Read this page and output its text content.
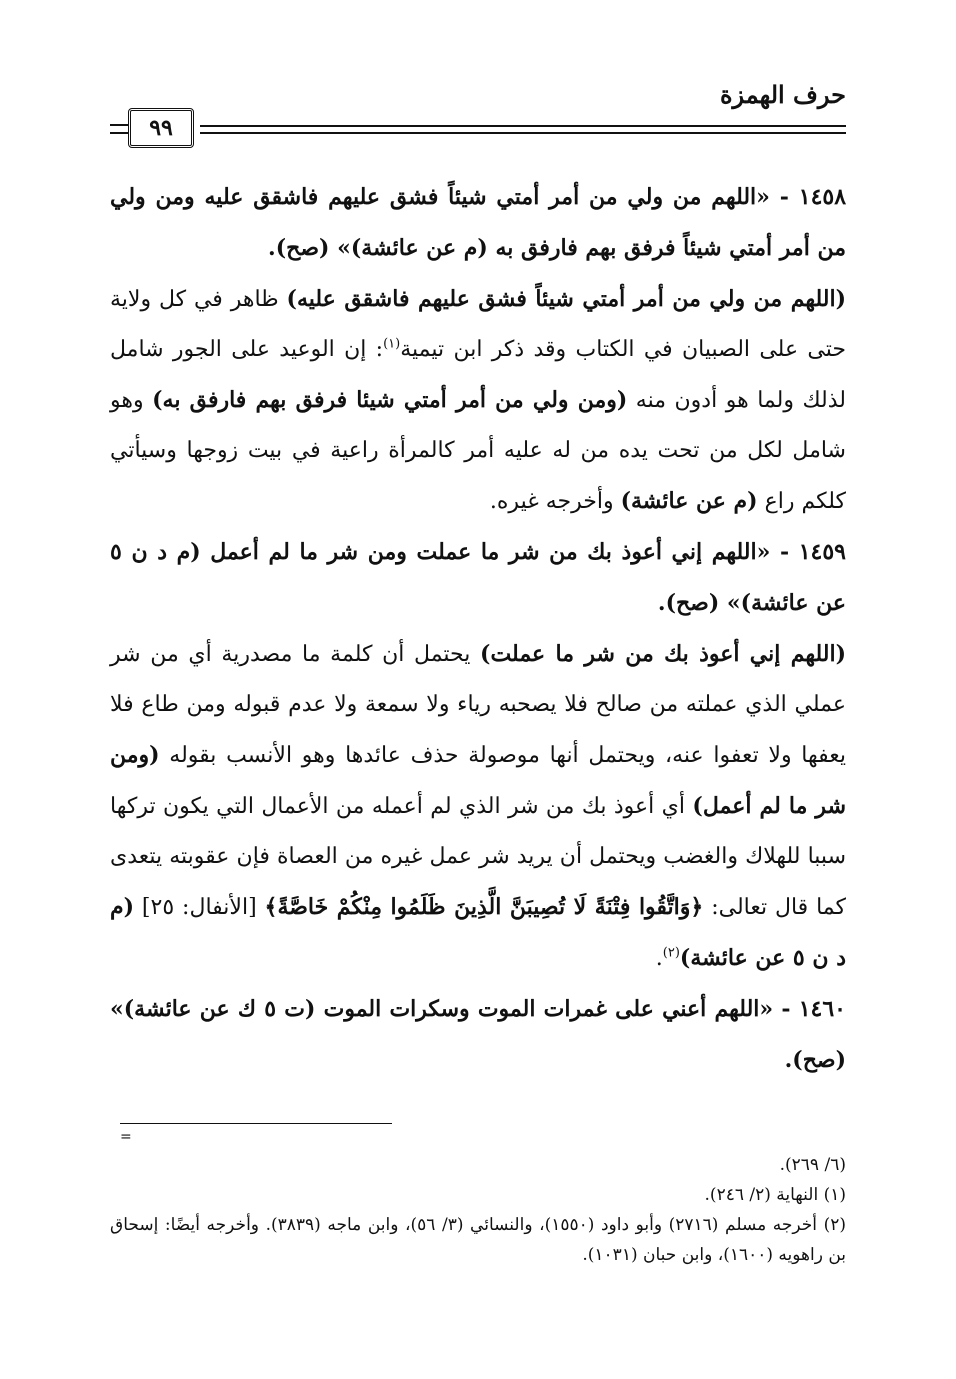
حرف الهمزة
٩٩

١٤٥٨ - «اللهم من ولي من أمر أمتي شيئاً فشق عليهم فاشقق عليه ومن ولي من أمر أمتي شيئاً فرفق بهم فارفق به (م عن عائشة)» (صح).

(اللهم من ولي من أمر أمتي شيئاً فشق عليهم فاشقق عليه) ظاهر في كل ولاية حتى على الصبيان في الكتاب وقد ذكر ابن تيمية$^{(١)}$: إن الوعيد على الجور شامل لذلك ولما هو أدون منه (ومن ولي من أمر أمتي شيئا فرفق بهم فارفق به) وهو شامل لكل من تحت يده من له عليه أمر كالمرأة راعية في بيت زوجها وسيأتي كلكم راع (م عن عائشة) وأخرجه غيره.

١٤٥٩ - «اللهم إني أعوذ بك من شر ما عملت ومن شر ما لم أعمل (م د ن ٥ عن عائشة)» (صح).

(اللهم إني أعوذ بك من شر ما عملت) يحتمل أن كلمة ما مصدرية أي من شر عملي الذي عملته من صالح فلا يصحبه رياء ولا سمعة ولا عدم قبوله ومن طاع فلا يعفها ولا تعفوا عنه، ويحتمل أنها موصولة حذف عائدها وهو الأنسب بقوله (ومن شر ما لم أعمل) أي أعوذ بك من شر الذي لم أعمله من الأعمال التي يكون تركها سببا للهلاك والغضب ويحتمل أن يريد شر عمل غيره من العصاة فإن عقوبته يتعدى كما قال تعالى: ﴿وَاتَّقُوا فِتْنَةً لَا تُصِيبَنَّ الَّذِينَ ظَلَمُوا مِنْكُمْ خَاصَّةً﴾ [الأنفال: ٢٥] (م د ن ٥ عن عائشة)$^{(٢)}$.

١٤٦٠ - «اللهم أعني على غمرات الموت وسكرات الموت (ت ٥ ك عن عائشة)» (صح).

=

(٦/ ٢٦٩).

(١) النهاية (٢/ ٢٤٦).

(٢) أخرجه مسلم (٢٧١٦) وأبو داود (١٥٥٠)، والنسائي (٣/ ٥٦)، وابن ماجه (٣٨٣٩). وأخرجه أيضًا: إسحاق بن راهويه (١٦٠٠)، وابن حبان (١٠٣١).
